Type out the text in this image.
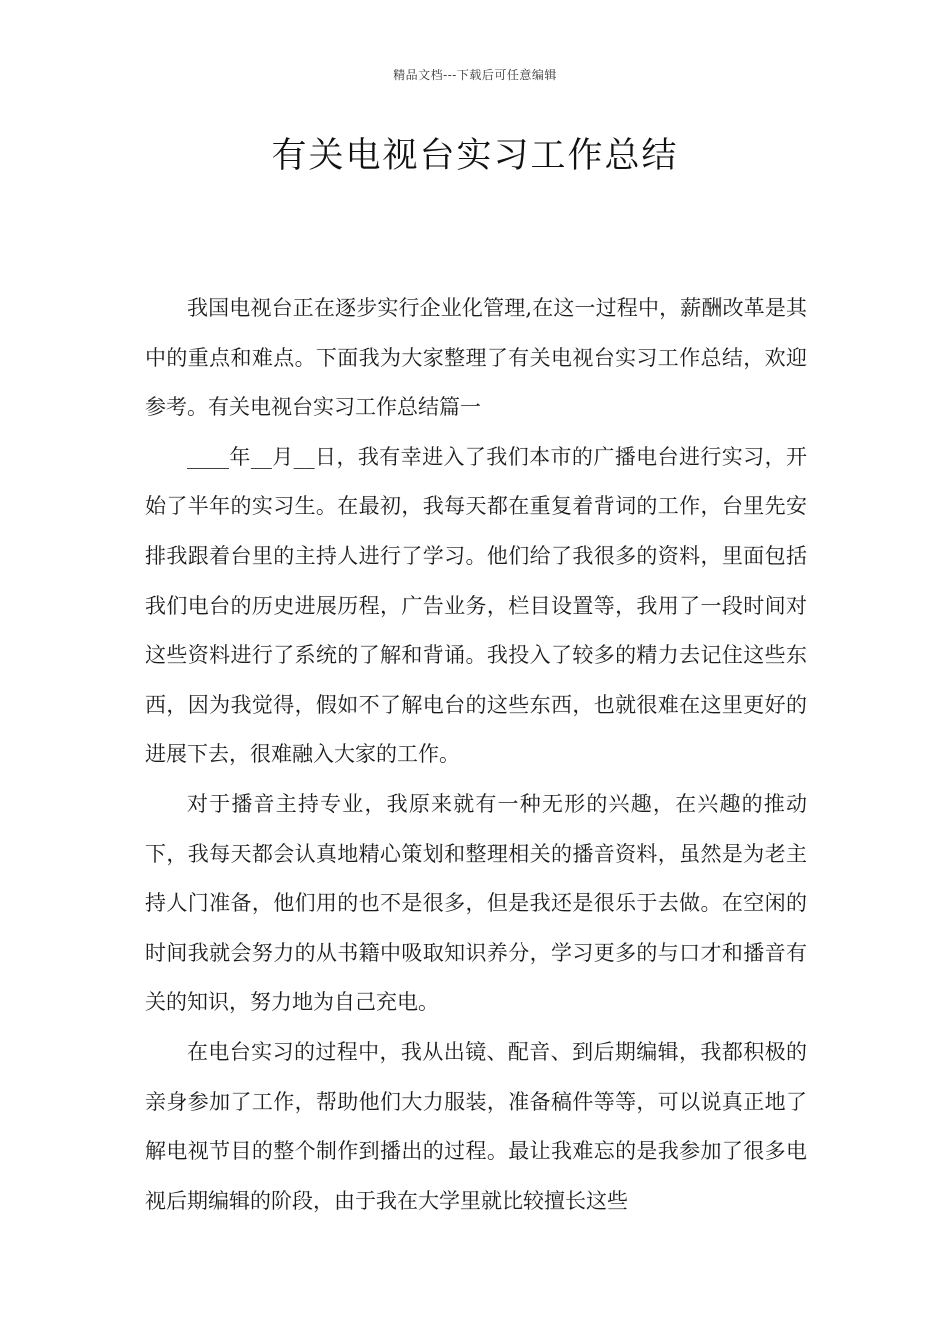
精品文档---下载后可任意编辑
有关电视台实习工作总结

我国电视台正在逐步实行企业化管理,在这一过程中，薪酬改革是其中的重点和难点。下面我为大家整理了有关电视台实习工作总结，欢迎参考。有关电视台实习工作总结篇一

____年__月__日，我有幸进入了我们本市的广播电台进行实习，开始了半年的实习生。在最初，我每天都在重复着背词的工作，台里先安排我跟着台里的主持人进行了学习。他们给了我很多的资料，里面包括我们电台的历史进展历程，广告业务，栏目设置等，我用了一段时间对这些资料进行了系统的了解和背诵。我投入了较多的精力去记住这些东西，因为我觉得，假如不了解电台的这些东西，也就很难在这里更好的进展下去，很难融入大家的工作。

对于播音主持专业，我原来就有一种无形的兴趣，在兴趣的推动下，我每天都会认真地精心策划和整理相关的播音资料，虽然是为老主持人门准备，他们用的也不是很多，但是我还是很乐于去做。在空闲的时间我就会努力的从书籍中吸取知识养分，学习更多的与口才和播音有关的知识，努力地为自己充电。

在电台实习的过程中，我从出镜、配音、到后期编辑，我都积极的亲身参加了工作，帮助他们大力服装，准备稿件等等，可以说真正地了解电视节目的整个制作到播出的过程。最让我难忘的是我参加了很多电视后期编辑的阶段，由于我在大学里就比较擅长这些
